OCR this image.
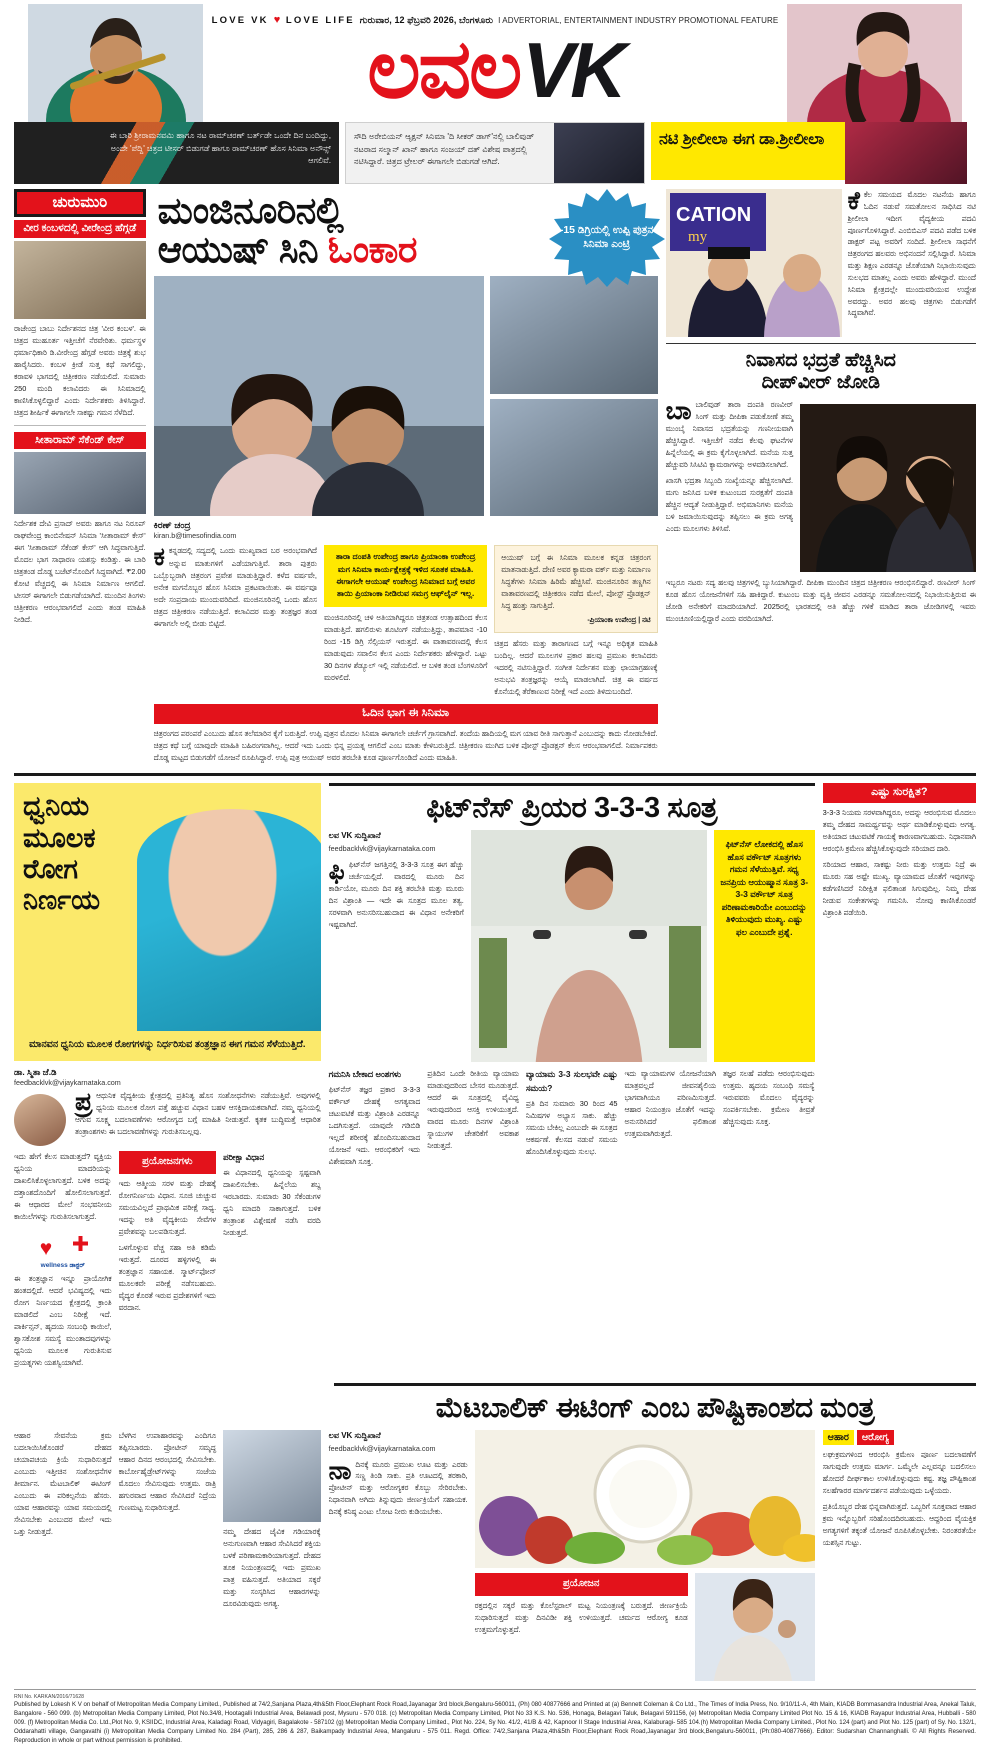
LOVE VK ♥ LOVE LIFE ಗುರುವಾರ, 12 ಫೆಬ್ರವರಿ 2026, ಬೆಂಗಳೂರು I ADVERTORIAL, ENTERTAINMENT INDUSTRY PROMOTIONAL FEATURE
ಲವಲ VK
ಈ ಬಾರಿ ಶ್ರೀರಾಮನವಮಿ ಹಾಗೂ ನಟ ರಾಮ್‌ಚರಣ್ ಬರ್ತ್‌ಡೇ ಒಂದೇ ದಿನ ಬಂದಿದ್ದು, ಅಂದೇ 'ಪೆದ್ದಿ' ಚಿತ್ರದ ಟೀಸರ್ ಬಿಡುಗಡೆ ಹಾಗೂ ರಾಮ್‌ಚರಣ್ ಹೊಸ ಸಿನಿಮಾ ಅನೌನ್ಸ್ ಆಗಲಿವೆ.
ಸೌದಿ ಅರೇಬಿಯನ್ ಆ್ಯಕ್ಷನ್ ಸಿನಿಮಾ 'ದಿ ಸೀಕರ್ ಡಾಗ್'ನಲ್ಲಿ ಬಾಲಿವುಡ್ ನಟರಾದ ಸಲ್ಮಾನ್ ಖಾನ್ ಹಾಗೂ ಸಂಜಯ್ ದತ್ ವಿಶೇಷ ಪಾತ್ರದಲ್ಲಿ ನಟಿಸಿದ್ದಾರೆ. ಚಿತ್ರದ ಟ್ರೇಲರ್ ಈಗಾಗಲೇ ಬಿಡುಗಡೆ ಆಗಿದೆ.
ನಟಿ ಶ್ರೀಲೀಲಾ ಈಗ ಡಾ.ಶ್ರೀಲೀಲಾ
ಚುರುಮುರಿ
ವೀರ ಕಂಬಳದಲ್ಲಿ ವೀರೇಂದ್ರ ಹೆಗ್ಗಡೆ
ರಾಜೇಂದ್ರ ಬಾಬು ನಿರ್ದೇಶನದ ಚಿತ್ರ 'ವೀರ ಕಂಬಳ'. ಈ ಚಿತ್ರದ ಮುಹೂರ್ತ ಇತ್ತೀಚೆಗೆ ನೆರವೇರಿತು. ಧರ್ಮಸ್ಥಳ ಧರ್ಮಾಧಿಕಾರಿ ಡಿ.ವೀರೇಂದ್ರ ಹೆಗ್ಗಡೆ ಅವರು ಚಿತ್ರಕ್ಕೆ ಶುಭ ಹಾರೈಸಿದರು. ಕಂಬಳ ಕ್ರೀಡೆ ಸುತ್ತ ಕಥೆ ಸಾಗಲಿದ್ದು, ಕರಾವಳಿ ಭಾಗದಲ್ಲಿ ಚಿತ್ರೀಕರಣ ನಡೆಯಲಿದೆ. ಸುಮಾರು 250 ಮಂದಿ ಕಲಾವಿದರು ಈ ಸಿನಿಮಾದಲ್ಲಿ ಕಾಣಿಸಿಕೊಳ್ಳಲಿದ್ದಾರೆ ಎಂದು ನಿರ್ದೇಶಕರು ತಿಳಿಸಿದ್ದಾರೆ. ಚಿತ್ರದ ಶೀರ್ಷಿಕೆ ಈಗಾಗಲೇ ಸಾಕಷ್ಟು ಗಮನ ಸೆಳೆದಿದೆ.
ಸೀತಾರಾಮ್ ಸೆಕೆಂಡ್ ಕೇಸ್
ನಿರ್ದೇಶಕ ದೇವಿ ಪ್ರಸಾದ್ ಅವರು ಹಾಗೂ ನಟ ನಿರೂಪ್ ರಾಘವೇಂದ್ರ ಕಾಂಬಿನೇಷನ್ ಸಿನಿಮಾ 'ಸೀತಾರಾಮ್ ಕೇಸ್' ಈಗ 'ಸೀತಾರಾಮ್ ಸೆಕೆಂಡ್ ಕೇಸ್' ಆಗಿ ಸಿದ್ಧವಾಗುತ್ತಿದೆ. ಮೊದಲ ಭಾಗ ಸಾಧಾರಣ ಯಶಸ್ಸು ಕಂಡಿತ್ತು. ಈ ಬಾರಿ ಚಿತ್ರತಂಡ ದೊಡ್ಡ ಬಜೆಟ್‌ನೊಂದಿಗೆ ಸಿದ್ಧವಾಗಿದೆ. ₹2.00 ಕೋಟಿ ವೆಚ್ಚದಲ್ಲಿ ಈ ಸಿನಿಮಾ ನಿರ್ಮಾಣ ಆಗಲಿದೆ. ಟೀಸರ್ ಈಗಾಗಲೇ ಬಿಡುಗಡೆಯಾಗಿದೆ. ಮುಂದಿನ ತಿಂಗಳು ಚಿತ್ರೀಕರಣ ಆರಂಭವಾಗಲಿದೆ ಎಂದು ತಂಡ ಮಾಹಿತಿ ನೀಡಿದೆ.
ಮಂಜಿನೂರಿನಲ್ಲಿ
ಆಯುಷ್ ಸಿನಿ ಓಂಕಾರ	-15 ಡಿಗ್ರಿಯಲ್ಲಿ ಉಪ್ಪಿ ಪುತ್ರನ ಸಿನಿಮಾ ಎಂಟ್ರಿ
ಕಿರಣ್ ಚಂದ್ರ
kiran.b@timesofindia.com
ಕ ಕನ್ನಡದಲ್ಲಿ ಸದ್ಯದಲ್ಲಿ ಒಂದು ಮುಖ್ಯವಾದ ಬರ ಅರಂಭವಾಗಿದೆ ಅನ್ನುವ ಮಾತುಗಳಿಗೆ ಎಡೆಯಾಗುತ್ತಿವೆ. ತಾರಾ ಪುತ್ರರು ಒಬ್ಬೊಬ್ಬರಾಗಿ ಚಿತ್ರರಂಗ ಪ್ರವೇಶ ಮಾಡುತ್ತಿದ್ದಾರೆ. ಕಳೆದ ವರ್ಷವೇ, ಅನೇಕ ಮಗನೊಬ್ಬರ ಹೊಸ ಸಿನಿಮಾ ಪ್ರಕಟವಾಯಿತು. ಈ ವರ್ಷವೂ ಅದೇ ಸಂಪ್ರದಾಯ ಮುಂದುವರಿದಿದೆ. ಮಂಜಿನೂರಿನಲ್ಲಿ ಒಂದು ಹೊಸ ಚಿತ್ರದ ಚಿತ್ರೀಕರಣ ನಡೆಯುತ್ತಿದೆ. ಕಲಾವಿದರ ಮತ್ತು ತಂತ್ರಜ್ಞರ ತಂಡ ಈಗಾಗಲೇ ಅಲ್ಲಿ ಬೀಡು ಬಿಟ್ಟಿದೆ.
ತಾರಾ ದಂಪತಿ ಉಪೇಂದ್ರ ಹಾಗೂ ಪ್ರಿಯಾಂಕಾ ಉಪೇಂದ್ರ ಮಗ ಸಿನಿಮಾ ಕಾರ್ಯಕ್ಷೇತ್ರಕ್ಕೆ ಇಳಿದ ಸೂತಕ ಮಾಹಿತಿ. ಈಗಾಗಲೇ ಆಯುಷ್ ಉಪೇಂದ್ರ ಸಿನಿಮಾದ ಬಗ್ಗೆ ಅವರ ತಾಯಿ ಪ್ರಿಯಾಂಕಾ ನೀಡಿರುವ ಸಮಗ್ರ ಆಫ್‌ಲೈನ್ ಇಲ್ಲ.
ಮಂಜಿನೂರಿನಲ್ಲಿ ಚಳಿ ಅತಿಯಾಗಿದ್ದರೂ ಚಿತ್ರತಂಡ ಉತ್ಸಾಹದಿಂದ ಕೆಲಸ ಮಾಡುತ್ತಿದೆ. ಹಗಲಿರುಳು ಶೂಟಿಂಗ್ ನಡೆಯುತ್ತಿದ್ದು, ತಾಪಮಾನ -10 ರಿಂದ -15 ಡಿಗ್ರಿ ಸೆಲ್ಸಿಯಸ್ ಇರುತ್ತದೆ. ಈ ವಾತಾವರಣದಲ್ಲಿ ಕೆಲಸ ಮಾಡುವುದು ಸವಾಲಿನ ಕೆಲಸ ಎಂದು ನಿರ್ದೇಶಕರು ಹೇಳಿದ್ದಾರೆ. ಒಟ್ಟು 30 ದಿನಗಳ ಶೆಡ್ಯೂಲ್ ಇಲ್ಲಿ ನಡೆಯಲಿದೆ. ಆ ಬಳಿಕ ತಂಡ ಬೆಂಗಳೂರಿಗೆ ಮರಳಲಿದೆ.
ಆಯುಷ್ ಬಗ್ಗೆ ಈ ಸಿನಿಮಾ ಮೂಲಕ ಕನ್ನಡ ಚಿತ್ರರಂಗ ಮಾತನಾಡುತ್ತಿದೆ. ದೇಣಿ ಅವರ ಕ್ಯಾಮರಾ ವರ್ಕ್ ಮತ್ತು ನಿರ್ಮಾಣ ಸಿದ್ಧತೆಗಳು ಸಿನಿಮಾ ಹಿರಿಮೆ ಹೆಚ್ಚಿಸಿವೆ. ಮಂಜಿನೂರಿನ ತಣ್ಣಗಿನ ವಾತಾವರಣದಲ್ಲಿ ಚಿತ್ರೀಕರಣ ನಡೆದ ಮೇಲೆ, ಪೋಸ್ಟ್ ಪ್ರೊಡಕ್ಷನ್ ಸಿದ್ಧ ಹಂತ್ತು ಸಾಗುತ್ತಿದೆ.
-ಪ್ರಿಯಾಂಕಾ ಉಪೇಂದ್ರ | ನಟಿ
ಚಿತ್ರದ ಹೆಸರು ಮತ್ತು ತಾರಾಗಣದ ಬಗ್ಗೆ ಇನ್ನೂ ಅಧಿಕೃತ ಮಾಹಿತಿ ಬಂದಿಲ್ಲ. ಆದರೆ ಮೂಲಗಳ ಪ್ರಕಾರ ಹಲವು ಪ್ರಮುಖ ಕಲಾವಿದರು ಇದರಲ್ಲಿ ನಟಿಸುತ್ತಿದ್ದಾರೆ. ಸಂಗೀತ ನಿರ್ದೇಶನ ಮತ್ತು ಛಾಯಾಗ್ರಹಣಕ್ಕೆ ಅನುಭವಿ ತಂತ್ರಜ್ಞರನ್ನು ಆಯ್ಕೆ ಮಾಡಲಾಗಿದೆ. ಚಿತ್ರ ಈ ವರ್ಷದ ಕೊನೆಯಲ್ಲಿ ತೆರೆಕಾಣುವ ನಿರೀಕ್ಷೆ ಇದೆ ಎಂದು ತಿಳಿದುಬಂದಿದೆ.
ಓದಿನ ಭಾಗ ಈ ಸಿನಿಮಾ
ಚಿತ್ರರಂಗದ ಪರಂಪರೆ ಎಂಬುದು ಹೊಸ ತಲೆಮಾರಿನ ಕೈಗೆ ಬರುತ್ತಿದೆ. ಉಪ್ಪಿ ಪುತ್ರನ ಮೊದಲ ಸಿನಿಮಾ ಈಗಾಗಲೇ ಚರ್ಚೆಗೆ ಗ್ರಾಸವಾಗಿದೆ. ತಂದೆಯ ಹಾದಿಯಲ್ಲಿ ಮಗ ಯಾವ ರೀತಿ ಸಾಗುತ್ತಾನೆ ಎಂಬುದನ್ನು ಕಾದು ನೋಡಬೇಕಿದೆ. ಚಿತ್ರದ ಕಥೆ ಬಗ್ಗೆ ಯಾವುದೇ ಮಾಹಿತಿ ಬಹಿರಂಗವಾಗಿಲ್ಲ. ಆದರೆ ಇದು ಒಂದು ಭಿನ್ನ ಪ್ರಯತ್ನ ಆಗಲಿದೆ ಎಂಬ ಮಾತು ಕೇಳಿಬರುತ್ತಿದೆ. ಚಿತ್ರೀಕರಣ ಮುಗಿದ ಬಳಿಕ ಪೋಸ್ಟ್ ಪ್ರೊಡಕ್ಷನ್ ಕೆಲಸ ಆರಂಭವಾಗಲಿದೆ. ನಿರ್ಮಾಪಕರು ದೊಡ್ಡ ಮಟ್ಟದ ಬಿಡುಗಡೆಗೆ ಯೋಜನೆ ರೂಪಿಸಿದ್ದಾರೆ. ಉಪ್ಪಿ ಪುತ್ರ ಆಯುಷ್ ಅವರ ತರಬೇತಿ ಕೂಡ ಪೂರ್ಣಗೊಂಡಿದೆ ಎಂದು ಮಾಹಿತಿ.
CATION
my
ಕೆ ಕೆಲ ಸಮಯದ ಮೊದಲ ನಟನೆಯ ಹಾಗೂ ಓದಿನ ನಡುವೆ ಸಮತೋಲನ ಸಾಧಿಸಿದ ನಟಿ ಶ್ರೀಲೀಲಾ ಇದೀಗ ವೈದ್ಯಕೀಯ ಪದವಿ ಪೂರ್ಣಗೊಳಿಸಿದ್ದಾರೆ. ಎಂಬಿಬಿಎಸ್ ಪದವಿ ಪಡೆದ ಬಳಿಕ ಡಾಕ್ಟರ್ ಪಟ್ಟ ಅವರಿಗೆ ಸಂದಿದೆ. ಶ್ರೀಲೀಲಾ ಸಾಧನೆಗೆ ಚಿತ್ರರಂಗದ ಹಲವರು ಅಭಿನಂದನೆ ಸಲ್ಲಿಸಿದ್ದಾರೆ. ಸಿನಿಮಾ ಮತ್ತು ಶಿಕ್ಷಣ ಎರಡನ್ನೂ ಜೊತೆಯಾಗಿ ನಿಭಾಯಿಸುವುದು ಸುಲಭದ ಮಾತಲ್ಲ ಎಂದು ಅವರು ಹೇಳಿದ್ದಾರೆ. ಮುಂದೆ ಸಿನಿಮಾ ಕ್ಷೇತ್ರದಲ್ಲೇ ಮುಂದುವರಿಯುವ ಉದ್ದೇಶ ಅವರದ್ದು. ಅವರ ಹಲವು ಚಿತ್ರಗಳು ಬಿಡುಗಡೆಗೆ ಸಿದ್ಧವಾಗಿವೆ.
ನಿವಾಸದ ಭದ್ರತೆ ಹೆಚ್ಚಿಸಿದ
ದೀಪ್‌ವೀರ್ ಜೋಡಿ
ಬಾ ಬಾಲಿವುಡ್ ತಾರಾ ದಂಪತಿ ರಣವೀರ್ ಸಿಂಗ್ ಮತ್ತು ದೀಪಿಕಾ ಪಡುಕೋಣೆ ತಮ್ಮ ಮುಂಬೈ ನಿವಾಸದ ಭದ್ರತೆಯನ್ನು ಗಣನೀಯವಾಗಿ ಹೆಚ್ಚಿಸಿದ್ದಾರೆ. ಇತ್ತೀಚೆಗೆ ನಡೆದ ಕೆಲವು ಘಟನೆಗಳ ಹಿನ್ನೆಲೆಯಲ್ಲಿ ಈ ಕ್ರಮ ಕೈಗೊಳ್ಳಲಾಗಿದೆ. ಮನೆಯ ಸುತ್ತ ಹೆಚ್ಚುವರಿ ಸಿಸಿಟಿವಿ ಕ್ಯಾಮರಾಗಳನ್ನು ಅಳವಡಿಸಲಾಗಿದೆ.
ಖಾಸಗಿ ಭದ್ರತಾ ಸಿಬ್ಬಂದಿ ಸಂಖ್ಯೆಯನ್ನೂ ಹೆಚ್ಚಿಸಲಾಗಿದೆ. ಮಗು ಜನಿಸಿದ ಬಳಿಕ ಕುಟುಂಬದ ಸುರಕ್ಷತೆಗೆ ದಂಪತಿ ಹೆಚ್ಚಿನ ಆದ್ಯತೆ ನೀಡುತ್ತಿದ್ದಾರೆ. ಅಭಿಮಾನಿಗಳು ಮನೆಯ ಬಳಿ ಜಮಾಯಿಸುವುದನ್ನು ತಪ್ಪಿಸಲು ಈ ಕ್ರಮ ಅಗತ್ಯ ಎಂದು ಮೂಲಗಳು ತಿಳಿಸಿವೆ.
ಇಬ್ಬರೂ ನಟರು ಸದ್ಯ ಹಲವು ಚಿತ್ರಗಳಲ್ಲಿ ಬ್ಯುಸಿಯಾಗಿದ್ದಾರೆ. ದೀಪಿಕಾ ಮುಂದಿನ ಚಿತ್ರದ ಚಿತ್ರೀಕರಣ ಆರಂಭಿಸಲಿದ್ದಾರೆ. ರಣವೀರ್ ಸಿಂಗ್ ಕೂಡ ಹೊಸ ಯೋಜನೆಗಳಿಗೆ ಸಹಿ ಹಾಕಿದ್ದಾರೆ. ಕುಟುಂಬ ಮತ್ತು ವೃತ್ತಿ ಜೀವನ ಎರಡನ್ನೂ ಸಮತೋಲನದಲ್ಲಿ ನಿಭಾಯಿಸುತ್ತಿರುವ ಈ ಜೋಡಿ ಅನೇಕರಿಗೆ ಮಾದರಿಯಾಗಿದೆ. 2025ರಲ್ಲಿ ಭಾರತದಲ್ಲಿ ಅತಿ ಹೆಚ್ಚು ಗಳಿಕೆ ಮಾಡಿದ ತಾರಾ ಜೋಡಿಗಳಲ್ಲಿ ಇವರು ಮುಂಚೂಣಿಯಲ್ಲಿದ್ದಾರೆ ಎಂದು ವರದಿಯಾಗಿದೆ.
ಧ್ವನಿಯ
ಮೂಲಕ
ರೋಗ
ನಿರ್ಣಯ
ಮಾನವನ ಧ್ವನಿಯ ಮೂಲಕ ರೋಗಗಳನ್ನು ನಿರ್ಧರಿಸುವ ತಂತ್ರಜ್ಞಾನ ಈಗ ಗಮನ ಸೆಳೆಯುತ್ತಿದೆ.
ಡಾ. ಸ್ಮಿತಾ ಜೆ.ಡಿ
feedbacklvk@vijaykarnataka.com
ಪ್ರ ಆಧುನಿಕ ವೈದ್ಯಕೀಯ ಕ್ಷೇತ್ರದಲ್ಲಿ ಪ್ರತಿನಿತ್ಯ ಹೊಸ ಸಂಶೋಧನೆಗಳು ನಡೆಯುತ್ತಿವೆ. ಅವುಗಳಲ್ಲಿ ಧ್ವನಿಯ ಮೂಲಕ ರೋಗ ಪತ್ತೆ ಹಚ್ಚುವ ವಿಧಾನ ಬಹಳ ಆಸಕ್ತಿದಾಯಕವಾಗಿದೆ. ನಮ್ಮ ಧ್ವನಿಯಲ್ಲಿ ಆಗುವ ಸೂಕ್ಷ್ಮ ಬದಲಾವಣೆಗಳು ಆರೋಗ್ಯದ ಬಗ್ಗೆ ಮಾಹಿತಿ ನೀಡುತ್ತವೆ. ಕೃತಕ ಬುದ್ಧಿಮತ್ತೆ ಆಧಾರಿತ ತಂತ್ರಾಂಶಗಳು ಈ ಬದಲಾವಣೆಗಳನ್ನು ಗುರುತಿಸಬಲ್ಲವು.
ಇದು ಹೇಗೆ ಕೆಲಸ ಮಾಡುತ್ತದೆ? ವ್ಯಕ್ತಿಯ ಧ್ವನಿಯ ಮಾದರಿಯನ್ನು ದಾಖಲಿಸಿಕೊಳ್ಳಲಾಗುತ್ತದೆ. ಬಳಿಕ ಅದನ್ನು ದತ್ತಾಂಶದೊಂದಿಗೆ ಹೋಲಿಸಲಾಗುತ್ತದೆ. ಈ ಆಧಾರದ ಮೇಲೆ ಸಂಭವನೀಯ ಕಾಯಿಲೆಗಳನ್ನು ಗುರುತಿಸಲಾಗುತ್ತದೆ.
♥
wellness ಡಾಕ್ಟರ್
ಈ ತಂತ್ರಜ್ಞಾನ ಇನ್ನೂ ಪ್ರಾಯೋಗಿಕ ಹಂತದಲ್ಲಿದೆ. ಆದರೆ ಭವಿಷ್ಯದಲ್ಲಿ ಇದು ರೋಗ ನಿರ್ಣಯದ ಕ್ಷೇತ್ರದಲ್ಲಿ ಕ್ರಾಂತಿ ಮಾಡಲಿದೆ ಎಂಬ ನಿರೀಕ್ಷೆ ಇದೆ. ಪಾರ್ಕಿನ್ಸನ್, ಹೃದಯ ಸಂಬಂಧಿ ಕಾಯಿಲೆ, ಶ್ವಾಸಕೋಶ ಸಮಸ್ಯೆ ಮುಂತಾದವುಗಳನ್ನು ಧ್ವನಿಯ ಮೂಲಕ ಗುರುತಿಸುವ ಪ್ರಯತ್ನಗಳು ಯಶಸ್ವಿಯಾಗಿವೆ.
ಪ್ರಯೋಜನಗಳು
ಇದು ಆತ್ಮೀಯ ಸರಳ ಮತ್ತು ದೇಹಕ್ಕೆ ರೋಗನಿರ್ಣಯ ವಿಧಾನ. ಸೂಜಿ ಚುಚ್ಚುವ ಸಮಯವಿಲ್ಲದೆ ಪ್ರಾಥಮಿಕ ಪರೀಕ್ಷೆ ಸಾಧ್ಯ. ಇದನ್ನು ಅತಿ ವೈದ್ಯಕೀಯ ಸೇವೆಗಳ ಪ್ರವೇಶವನ್ನು ಬಲಪಡಿಸುತ್ತದೆ.
ಒಳಗೊಳ್ಳುವ ವೆಚ್ಚ ಸಹಾ ಅತಿ ಕಡಿಮೆ ಇರುತ್ತದೆ. ದೂರದ ಹಳ್ಳಿಗಳಲ್ಲಿ ಈ ತಂತ್ರಜ್ಞಾನ ಸಹಾಯಕ. ಸ್ಮಾರ್ಟ್‌ಫೋನ್ ಮೂಲಕವೇ ಪರೀಕ್ಷೆ ನಡೆಸಬಹುದು. ವೈದ್ಯರ ಕೊರತೆ ಇರುವ ಪ್ರದೇಶಗಳಿಗೆ ಇದು ವರದಾನ.
ಪರೀಕ್ಷಾ ವಿಧಾನ
ಈ ವಿಧಾನದಲ್ಲಿ ಧ್ವನಿಯನ್ನು ಸ್ಪಷ್ಟವಾಗಿ ದಾಖಲಿಸಬೇಕು. ಹಿನ್ನೆಲೆಯ ಶಬ್ದ ಇರಬಾರದು. ಸುಮಾರು 30 ಸೆಕೆಂಡುಗಳ ಧ್ವನಿ ಮಾದರಿ ಸಾಕಾಗುತ್ತದೆ. ಬಳಿಕ ತಂತ್ರಾಂಶ ವಿಶ್ಲೇಷಣೆ ನಡೆಸಿ ವರದಿ ನೀಡುತ್ತದೆ.
ಫಿಟ್‌ನೆಸ್ ಪ್ರಿಯರ 3-3-3 ಸೂತ್ರ
ಲವ VK ಸುದ್ದಿಖಾನೆ
feedbacklvk@vijaykarnataka.com
ಫಿ ಫಿಟ್‌ನೆಸ್ ಜಗತ್ತಿನಲ್ಲಿ 3-3-3 ಸೂತ್ರ ಈಗ ಹೆಚ್ಚು ಚರ್ಚೆಯಲ್ಲಿದೆ. ವಾರದಲ್ಲಿ ಮೂರು ದಿನ ಕಾರ್ಡಿಯೋ, ಮೂರು ದಿನ ಶಕ್ತಿ ತರಬೇತಿ ಮತ್ತು ಮೂರು ದಿನ ವಿಶ್ರಾಂತಿ — ಇದೇ ಈ ಸೂತ್ರದ ಮೂಲ ತತ್ವ. ಸರಳವಾಗಿ ಅನುಸರಿಸಬಹುದಾದ ಈ ವಿಧಾನ ಅನೇಕರಿಗೆ ಇಷ್ಟವಾಗಿದೆ.
ಫಿಟ್‌ನೆಸ್ ಲೋಕದಲ್ಲಿ ಹೊಸ ಹೊಸ ವರ್ಕೌಟ್ ಸೂತ್ರಗಳು ಗಮನ ಸೆಳೆಯುತ್ತಿವೆ. ಸಧ್ಯ ಜನಪ್ರಿಯ ಆಯುಷ್ಮಾನ ಸೂತ್ರ 3-3-3 ವರ್ಕೌಟ್ ಸೂತ್ರ ಪರಿಣಾಮಕಾರಿಯೇ ಎಂಬುದನ್ನು ತಿಳಿಯುವುದು ಮುಖ್ಯ. ಎಷ್ಟು ಫಲ ಎಂಬುದೇ ಪ್ರಶ್ನೆ.
ಗಮನಿಸಿ ಬೇಕಾದ ಅಂಶಗಳು
ಫಿಟ್‌ನೆಸ್ ತಜ್ಞರ ಪ್ರಕಾರ 3-3-3 ವರ್ಕೌಟ್ ದೇಹಕ್ಕೆ ಅಗತ್ಯವಾದ ಚಟುವಟಿಕೆ ಮತ್ತು ವಿಶ್ರಾಂತಿ ಎರಡನ್ನೂ ಒದಗಿಸುತ್ತದೆ. ಯಾವುದೇ ಗಡಿಬಿಡಿ ಇಲ್ಲದೆ ಶರೀರಕ್ಕೆ ಹೊಂದಿಸಬಹುದಾದ ಯೋಜನೆ ಇದು. ಆರಂಭಿಕರಿಗೆ ಇದು ವಿಶೇಷವಾಗಿ ಸೂಕ್ತ.
ಪ್ರತಿದಿನ ಒಂದೇ ರೀತಿಯ ವ್ಯಾಯಾಮ ಮಾಡುವುದರಿಂದ ಬೇಸರ ಮೂಡುತ್ತದೆ. ಆದರೆ ಈ ಸೂತ್ರದಲ್ಲಿ ವೈವಿಧ್ಯ ಇರುವುದರಿಂದ ಆಸಕ್ತಿ ಉಳಿಯುತ್ತದೆ. ವಾರದ ಮೂರು ದಿನಗಳ ವಿಶ್ರಾಂತಿ ಸ್ನಾಯುಗಳ ಚೇತರಿಕೆಗೆ ಅವಕಾಶ ನೀಡುತ್ತದೆ.
ವ್ಯಾಯಾಮ 3-3 ಸುಲಭವೇ ಎಷ್ಟು ಸಮಯ?
ಪ್ರತಿ ದಿನ ಸುಮಾರು 30 ರಿಂದ 45 ನಿಮಿಷಗಳ ಅಭ್ಯಾಸ ಸಾಕು. ಹೆಚ್ಚು ಸಮಯ ಬೇಕಿಲ್ಲ ಎಂಬುದೇ ಈ ಸೂತ್ರದ ಆಕರ್ಷಣೆ. ಕೆಲಸದ ನಡುವೆ ಸಮಯ ಹೊಂದಿಸಿಕೊಳ್ಳುವುದು ಸುಲಭ.
ಇದು ವ್ಯಾಯಾಮಗಳ ಯೋಜನೆಯಾಗಿ ಮಾತ್ರವಲ್ಲದೆ ಜೀವನಶೈಲಿಯ ಭಾಗವಾಗಿಯೂ ಪರಿಣಮಿಸುತ್ತದೆ. ಆಹಾರ ನಿಯಂತ್ರಣ ಜೊತೆಗೆ ಇದನ್ನು ಅನುಸರಿಸಿದರೆ ಫಲಿತಾಂಶ ಉತ್ತಮವಾಗಿರುತ್ತದೆ.
ತಜ್ಞರ ಸಲಹೆ ಪಡೆದು ಆರಂಭಿಸುವುದು ಉತ್ತಮ. ಹೃದಯ ಸಂಬಂಧಿ ಸಮಸ್ಯೆ ಇರುವವರು ಮೊದಲು ವೈದ್ಯರನ್ನು ಸಂಪರ್ಕಿಸಬೇಕು. ಕ್ರಮೇಣ ತೀವ್ರತೆ ಹೆಚ್ಚಿಸುವುದು ಸೂಕ್ತ.
ಎಷ್ಟು ಸುರಕ್ಷಿತ?
3-3-3 ನಿಯಮ ಸರಳವಾಗಿದ್ದರೂ, ಅದನ್ನು ಆರಂಭಿಸುವ ಮೊದಲು ತಮ್ಮ ದೇಹದ ಸಾಮರ್ಥ್ಯವನ್ನು ಅರ್ಥ ಮಾಡಿಕೊಳ್ಳುವುದು ಅಗತ್ಯ. ಅತಿಯಾದ ಚಟುವಟಿಕೆ ಗಾಯಕ್ಕೆ ಕಾರಣವಾಗಬಹುದು. ನಿಧಾನವಾಗಿ ಆರಂಭಿಸಿ ಕ್ರಮೇಣ ಹೆಚ್ಚಿಸಿಕೊಳ್ಳುವುದೇ ಸರಿಯಾದ ದಾರಿ.
ಸರಿಯಾದ ಆಹಾರ, ಸಾಕಷ್ಟು ನೀರು ಮತ್ತು ಉತ್ತಮ ನಿದ್ರೆ ಈ ಮೂರು ಸಹ ಅಷ್ಟೇ ಮುಖ್ಯ. ವ್ಯಾಯಾಮದ ಜೊತೆಗೆ ಇವುಗಳನ್ನು ಕಡೆಗಣಿಸಿದರೆ ನಿರೀಕ್ಷಿತ ಫಲಿತಾಂಶ ಸಿಗುವುದಿಲ್ಲ. ನಿಮ್ಮ ದೇಹ ನೀಡುವ ಸಂಕೇತಗಳನ್ನು ಗಮನಿಸಿ. ನೋವು ಕಾಣಿಸಿಕೊಂಡರೆ ವಿಶ್ರಾಂತಿ ಪಡೆಯಿರಿ.
ಮೆಟಬಾಲಿಕ್ ಈಟಿಂಗ್ ಎಂಬ ಪೌಷ್ಟಿಕಾಂಶದ ಮಂತ್ರ
ಆಹಾರ ಸೇವನೆಯ ಕ್ರಮ ಬದಲಾಯಿಸಿಕೊಂಡರೆ ದೇಹದ ಚಯಾಪಚಯ ಕ್ರಿಯೆ ಸುಧಾರಿಸುತ್ತದೆ ಎಂಬುದು ಇತ್ತೀಚಿನ ಸಂಶೋಧನೆಗಳ ತೀರ್ಮಾನ. ಮೆಟಬಾಲಿಕ್ ಈಟಿಂಗ್ ಎಂಬುದು ಈ ಪರಿಕಲ್ಪನೆಯ ಹೆಸರು. ಯಾವ ಆಹಾರವನ್ನು ಯಾವ ಸಮಯದಲ್ಲಿ ಸೇವಿಸಬೇಕು ಎಂಬುದರ ಮೇಲೆ ಇದು ಒತ್ತು ನೀಡುತ್ತದೆ.
ಬೆಳಗಿನ ಉಪಾಹಾರವನ್ನು ಎಂದಿಗೂ ತಪ್ಪಿಸಬಾರದು. ಪ್ರೋಟೀನ್ ಸಮೃದ್ಧ ಆಹಾರ ದಿನದ ಆರಂಭದಲ್ಲಿ ಸೇವಿಸಬೇಕು. ಕಾರ್ಬೋಹೈಡ್ರೇಟ್‌ಗಳನ್ನು ಸಂಜೆಯ ಮೊದಲು ಸೇವಿಸುವುದು ಉತ್ತಮ. ರಾತ್ರಿ ಹಗುರವಾದ ಆಹಾರ ಸೇವಿಸಿದರೆ ನಿದ್ರೆಯ ಗುಣಮಟ್ಟ ಸುಧಾರಿಸುತ್ತದೆ.
ನಮ್ಮ ದೇಹದ ಜೈವಿಕ ಗಡಿಯಾರಕ್ಕೆ ಅನುಗುಣವಾಗಿ ಆಹಾರ ಸೇವಿಸಿದರೆ ಶಕ್ತಿಯ ಬಳಕೆ ಪರಿಣಾಮಕಾರಿಯಾಗುತ್ತದೆ. ದೇಹದ ತೂಕ ನಿಯಂತ್ರಣದಲ್ಲಿ ಇದು ಪ್ರಮುಖ ಪಾತ್ರ ವಹಿಸುತ್ತದೆ. ಅತಿಯಾದ ಸಕ್ಕರೆ ಮತ್ತು ಸಂಸ್ಕರಿಸಿದ ಆಹಾರಗಳನ್ನು ದೂರವಿಡುವುದು ಅಗತ್ಯ.
ಲವ VK ಸುದ್ದಿಖಾನೆ
feedbacklvk@vijaykarnataka.com
ನಾ ದಿನಕ್ಕೆ ಮೂರು ಪ್ರಮುಖ ಊಟ ಮತ್ತು ಎರಡು ಸಣ್ಣ ತಿಂಡಿ ಸಾಕು. ಪ್ರತಿ ಊಟದಲ್ಲಿ ತರಕಾರಿ, ಪ್ರೋಟೀನ್ ಮತ್ತು ಆರೋಗ್ಯಕರ ಕೊಬ್ಬು ಸೇರಿರಬೇಕು. ನಿಧಾನವಾಗಿ ಅಗಿದು ತಿನ್ನುವುದು ಜೀರ್ಣಕ್ರಿಯೆಗೆ ಸಹಾಯಕ. ದಿನಕ್ಕೆ ಕನಿಷ್ಠ ಎಂಟು ಲೋಟ ನೀರು ಕುಡಿಯಬೇಕು.
ಪ್ರಯೋಜನ
ರಕ್ತದಲ್ಲಿನ ಸಕ್ಕರೆ ಮತ್ತು ಕೊಲೆಸ್ಟರಾಲ್ ಮಟ್ಟ ನಿಯಂತ್ರಣಕ್ಕೆ ಬರುತ್ತದೆ. ಜೀರ್ಣಕ್ರಿಯೆ ಸುಧಾರಿಸುತ್ತದೆ ಮತ್ತು ದಿನವಿಡೀ ಶಕ್ತಿ ಉಳಿಯುತ್ತದೆ. ಚರ್ಮದ ಆರೋಗ್ಯ ಕೂಡ ಉತ್ತಮಗೊಳ್ಳುತ್ತದೆ.
ಆಹಾರ	ಆರೋಗ್ಯ
ಲಘುಕ್ರಮಗಳಿಂದ ಆರಂಭಿಸಿ ಕ್ರಮೇಣ ಪೂರ್ಣ ಬದಲಾವಣೆಗೆ ಸಾಗುವುದೇ ಉತ್ತಮ ಮಾರ್ಗ. ಒಮ್ಮೆಲೇ ಎಲ್ಲವನ್ನೂ ಬದಲಿಸಲು ಹೋದರೆ ದೀರ್ಘಕಾಲ ಉಳಿಸಿಕೊಳ್ಳುವುದು ಕಷ್ಟ. ತಜ್ಞ ಪೌಷ್ಟಿಕಾಂಶ ಸಲಹೆಗಾರರ ಮಾರ್ಗದರ್ಶನ ಪಡೆಯುವುದು ಒಳ್ಳೆಯದು.
ಪ್ರತಿಯೊಬ್ಬರ ದೇಹ ಭಿನ್ನವಾಗಿರುತ್ತದೆ. ಒಬ್ಬರಿಗೆ ಸೂಕ್ತವಾದ ಆಹಾರ ಕ್ರಮ ಇನ್ನೊಬ್ಬರಿಗೆ ಸರಿಹೊಂದದಿರಬಹುದು. ಆದ್ದರಿಂದ ವೈಯಕ್ತಿಕ ಅಗತ್ಯಗಳಿಗೆ ತಕ್ಕಂತೆ ಯೋಜನೆ ರೂಪಿಸಿಕೊಳ್ಳಬೇಕು. ನಿರಂತರತೆಯೇ ಯಶಸ್ಸಿನ ಗುಟ್ಟು.
RNI No. KARKAN/2016/71628
Published by Lokesh K V on behalf of Metropolitan Media Company Limited., Published at 74/2,Sanjana Plaza,4th&5th Floor,Elephant Rock Road,Jayanagar 3rd block,Bengaluru-560011, (Ph) 080 40877666 and Printed at (a) Bennett Coleman & Co Ltd., The Times of India Press, No. 9/10/11-A, 4th Main, KIADB Bommasandra Industrial Area, Anekal Taluk, Bangalore - 560 099. (b) Metropolitan Media Company Limited, Plot No.34/8, Hootagalli Industrial Area, Belawadi post, Mysuru - 570 018. (c) Metropolitan Media Company Limited, Plot No 33 K.S. No. 536, Honaga, Belagavi Taluk, Belagavi 591156, (e) Metropolitan Media Company Limited Plot No. 15 & 16, KIADB Rayapur Industrial Area, Hubballi - 580 009. (f) Metropolitan Media Co. Ltd.,Plot No. 9, KSIIDC, Industrial Area, Kaladagi Road, Vidyagiri, Bagalakote - 587102 (g) Metropolitan Media Company Limited., Plot No. 224, Sy No. 41/2, 41/B & 42, Kapnoor II Stage Industrial Area, Kalaburagi- 585 104.(h) Metropolitan Media Company Limited., Plot No. 124 (part) and Plot No. 125 (part) of Sy. No. 132/1, Oddarahatti village, Gangavathi (i) Metropolitan Media Company Limited No. 284 (Part), 285, 286 & 287, Baikampady Industrial Area, Mangaluru - 575 011. Regd. Office: 74/2,Sanjana Plaza,4th&5th Floor,Elephant Rock Road,Jayanagar 3rd block,Bengaluru-560011, (Ph:080-40877666). Editor: Sudarshan Channanghalli. © All Rights Reserved. Reproduction in whole or part without permission is prohibited.
